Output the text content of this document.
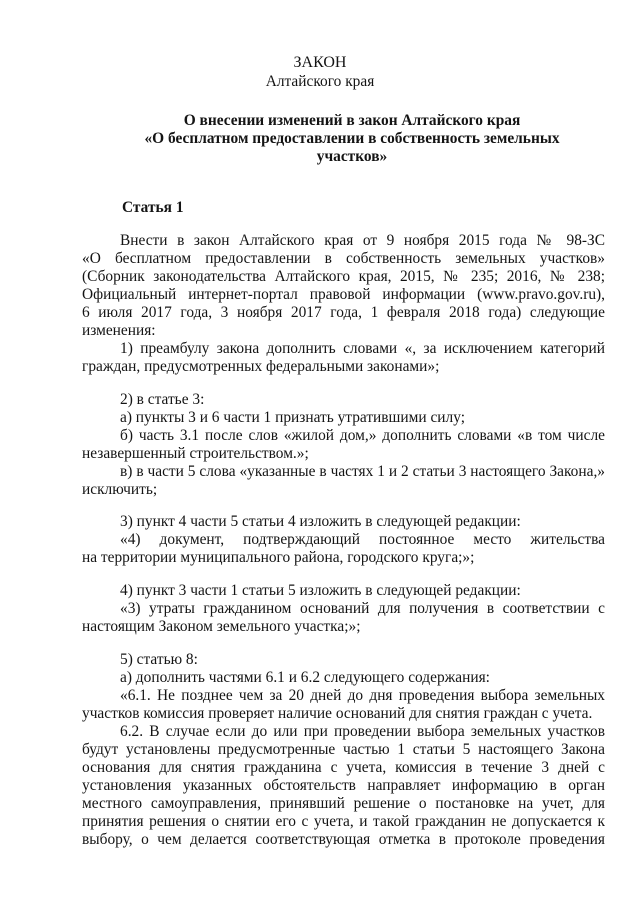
ЗАКОН
Алтайского края
О внесении изменений в закон Алтайского края
«О бесплатном предоставлении в собственность земельных
участков»
Статья 1
Внести в закон Алтайского края от 9 ноября 2015 года № 98-ЗС
«О бесплатном предоставлении в собственность земельных участков»
(Сборник законодательства Алтайского края, 2015, № 235; 2016, № 238;
Официальный интернет-портал правовой информации (www.pravo.gov.ru),
6 июля 2017 года, 3 ноября 2017 года, 1 февраля 2018 года) следующие
изменения:
1) преамбулу закона дополнить словами «, за исключением категорий
граждан, предусмотренных федеральными законами»;
2) в статье 3:
а) пункты 3 и 6 части 1 признать утратившими силу;
б) часть 3.1 после слов «жилой дом,» дополнить словами «в том числе
незавершенный строительством.»;
в) в части 5 слова «указанные в частях 1 и 2 статьи 3 настоящего Закона,»
исключить;
3) пункт 4 части 5 статьи 4 изложить в следующей редакции:
«4) документ, подтверждающий постоянное место жительства
на территории муниципального района, городского круга;»;
4) пункт 3 части 1 статьи 5 изложить в следующей редакции:
«3) утраты гражданином оснований для получения в соответствии с
настоящим Законом земельного участка;»;
5) статью 8:
а) дополнить частями 6.1 и 6.2 следующего содержания:
«6.1. Не позднее чем за 20 дней до дня проведения выбора земельных
участков комиссия проверяет наличие оснований для снятия граждан с учета.
6.2. В случае если до или при проведении выбора земельных участков
будут установлены предусмотренные частью 1 статьи 5 настоящего Закона
основания для снятия гражданина с учета, комиссия в течение 3 дней с
установления указанных обстоятельств направляет информацию в орган
местного самоуправления, принявший решение о постановке на учет, для
принятия решения о снятии его с учета, и такой гражданин не допускается к
выбору, о чем делается соответствующая отметка в протоколе проведения
